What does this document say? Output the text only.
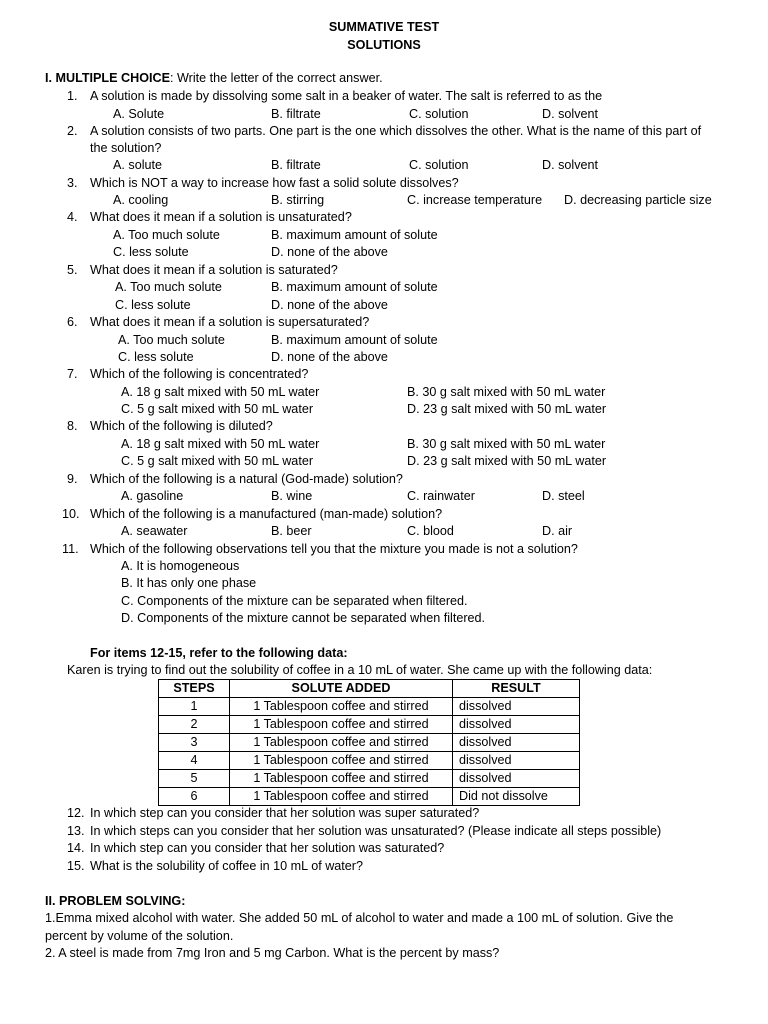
SUMMATIVE TEST
SOLUTIONS
I. MULTIPLE CHOICE: Write the letter of the correct answer.
1. A solution is made by dissolving some salt in a beaker of water. The salt is referred to as the
A. Solute	B. filtrate	C. solution	D. solvent
2. A solution consists of two parts. One part is the one which dissolves the other. What is the name of this part of
the solution?
A. solute	B. filtrate	C. solution	D. solvent
3. Which is NOT a way to increase how fast a solid solute dissolves?
A. cooling	B. stirring	C. increase temperature D. decreasing particle size
4. What does it mean if a solution is unsaturated?
A. Too much solute	B. maximum amount of solute
C. less solute	D. none of the above
5. What does it mean if a solution is saturated?
A. Too much solute	B. maximum amount of solute
C. less solute	D. none of the above
6. What does it mean if a solution is supersaturated?
A. Too much solute	B. maximum amount of solute
C. less solute	D. none of the above
7. Which of the following is concentrated?
A. 18 g salt mixed with 50 mL water	B. 30 g salt mixed with 50 mL water
C. 5 g salt mixed with 50 mL water	D. 23 g salt mixed with 50 mL water
8. Which of the following is diluted?
A. 18 g salt mixed with 50 mL water	B. 30 g salt mixed with 50 mL water
C. 5 g salt mixed with 50 mL water	D. 23 g salt mixed with 50 mL water
9. Which of the following is a natural (God-made) solution?
A. gasoline	B. wine	C. rainwater	D. steel
10. Which of the following is a manufactured (man-made) solution?
A. seawater	B. beer	C. blood	D. air
11. Which of the following observations tell you that the mixture you made is not a solution?
A. It is homogeneous
B. It has only one phase
C. Components of the mixture can be separated when filtered.
D. Components of the mixture cannot be separated when filtered.
For items 12-15, refer to the following data:
Karen is trying to find out the solubility of coffee in a 10 mL of water. She came up with the following data:
STEPS	SOLUTE ADDED	RESULT
1	1 Tablespoon coffee and stirred	dissolved
2	1 Tablespoon coffee and stirred	dissolved
3	1 Tablespoon coffee and stirred	dissolved
4	1 Tablespoon coffee and stirred	dissolved
5	1 Tablespoon coffee and stirred	dissolved
6	1 Tablespoon coffee and stirred	Did not dissolve
12. In which step can you consider that her solution was super saturated?
13. In which steps can you consider that her solution was unsaturated? (Please indicate all steps possible)
14. In which step can you consider that her solution was saturated?
15. What is the solubility of coffee in 10 mL of water?
II. PROBLEM SOLVING:
1.Emma mixed alcohol with water. She added 50 mL of alcohol to water and made a 100 mL of solution. Give the
percent by volume of the solution.
2. A steel is made from 7mg Iron and 5 mg Carbon. What is the percent by mass?
